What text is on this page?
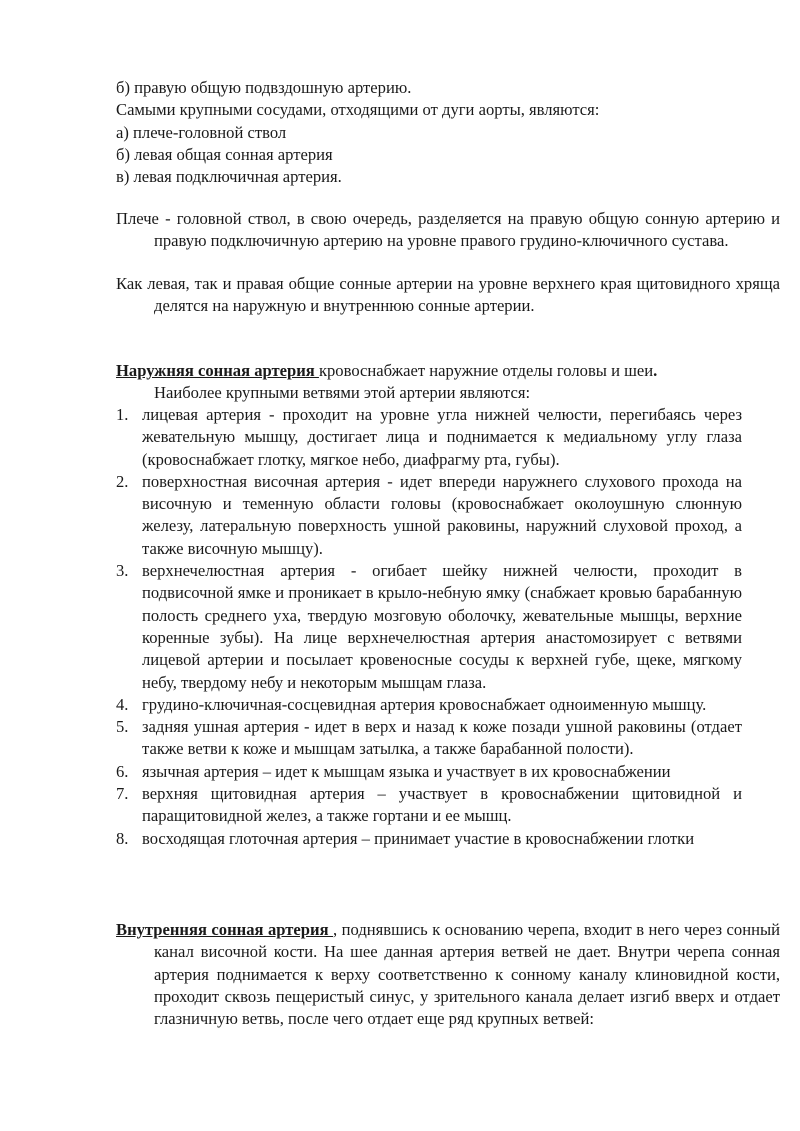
б) правую общую подвздошную артерию.
Самыми крупными сосудами, отходящими от дуги аорты, являются:
а) плече-головной ствол
б) левая общая сонная артерия
в) левая подключичная артерия.
Плече - головной ствол, в свою очередь, разделяется на правую общую сонную артерию и правую подключичную артерию на уровне правого грудино-ключичного сустава.
Как левая, так и правая общие сонные артерии на уровне верхнего края щитовидного хряща делятся на наружную и внутреннюю сонные артерии.
Наружняя сонная артерия кровоснабжает наружние отделы головы и шеи.
Наиболее крупными ветвями этой артерии являются:
1. лицевая артерия - проходит на уровне угла нижней челюсти, перегибаясь через жевательную мышцу, достигает лица и поднимается к медиальному углу глаза (кровоснабжает глотку, мягкое небо, диафрагму рта, губы).
2. поверхностная височная артерия - идет впереди наружнего слухового прохода на височную и теменную области головы (кровоснабжает околоушную слюнную железу, латеральную поверхность ушной раковины, наружний слуховой проход, а также височную мышцу).
3. верхнечелюстная артерия - огибает шейку нижней челюсти, проходит в подвисочной ямке и проникает в крыло-небную ямку (снабжает кровью барабанную полость среднего уха, твердую мозговую оболочку, жевательные мышцы, верхние коренные зубы). На лице верхнечелюстная артерия анастомозирует с ветвями лицевой артерии и посылает кровеносные сосуды к верхней губе, щеке, мягкому небу, твердому небу и некоторым мышцам глаза.
4. грудино-ключичная-сосцевидная артерия кровоснабжает одноименную мышцу.
5. задняя ушная артерия - идет в верх и назад к коже позади ушной раковины (отдает также ветви к коже и мышцам затылка, а также барабанной полости).
6. язычная артерия – идет к мышцам языка и участвует в их кровоснабжении
7. верхняя щитовидная артерия – участвует в кровоснабжении щитовидной и паращитовидной желез, а также гортани и ее мышц.
8. восходящая глоточная артерия – принимает участие в кровоснабжении глотки
Внутренняя сонная артерия , поднявшись к основанию черепа, входит в него через сонный канал височной кости. На шее данная артерия ветвей не дает. Внутри черепа сонная артерия поднимается к верху соответственно к сонному каналу клиновидной кости, проходит сквозь пещеристый синус, у зрительного канала делает изгиб вверх и отдает глазничную ветвь, после чего отдает еще ряд крупных ветвей:
